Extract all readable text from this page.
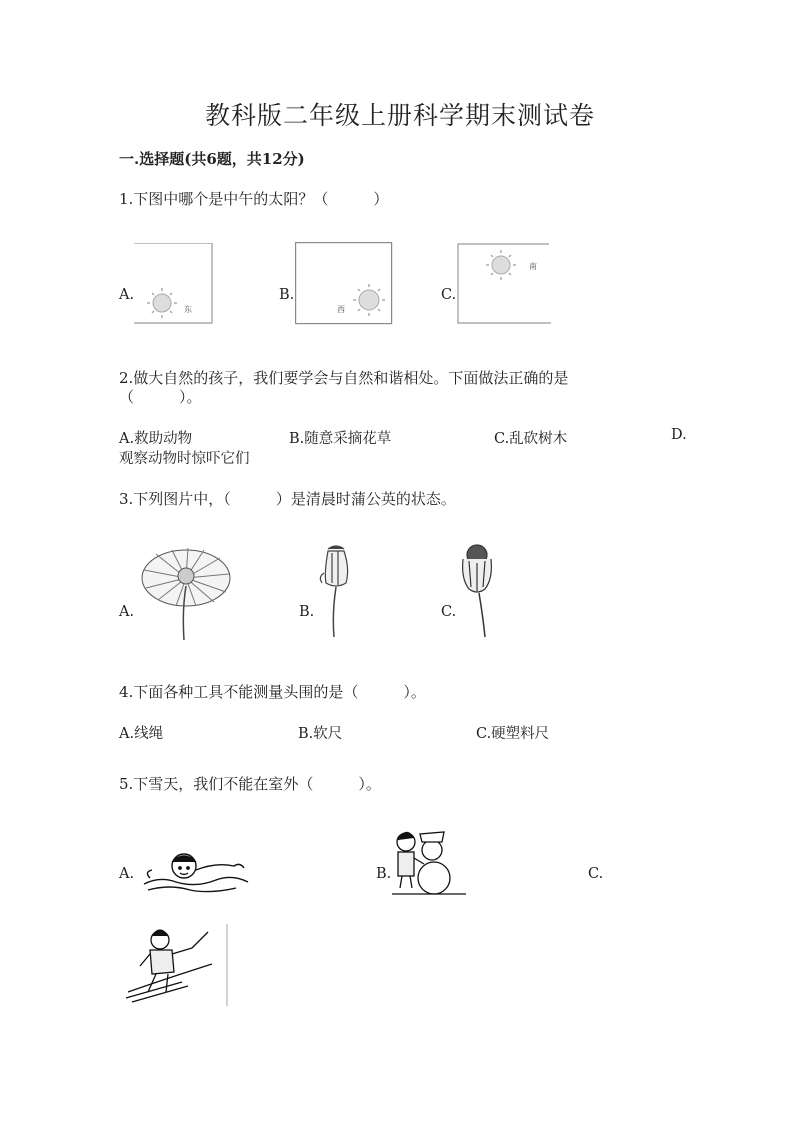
教科版二年级上册科学期末测试卷
一.选择题(共6题，共12分)
1.下图中哪个是中午的太阳？（　　　）
A.
东
B.
西
C.
南
2.做大自然的孩子，我们要学会与自然和谐相处。下面做法正确的是
（　　　）。
A.救助动物	B.随意采摘花草	C.乱砍树木	D.
观察动物时惊吓它们
3.下列图片中，（　　　）是清晨时蒲公英的状态。
A.	B.	C.
4.下面各种工具不能测量头围的是（　　　）。
A.线绳	B.软尺	C.硬塑料尺
5.下雪天，我们不能在室外（　　　）。
A.	B.	C.
